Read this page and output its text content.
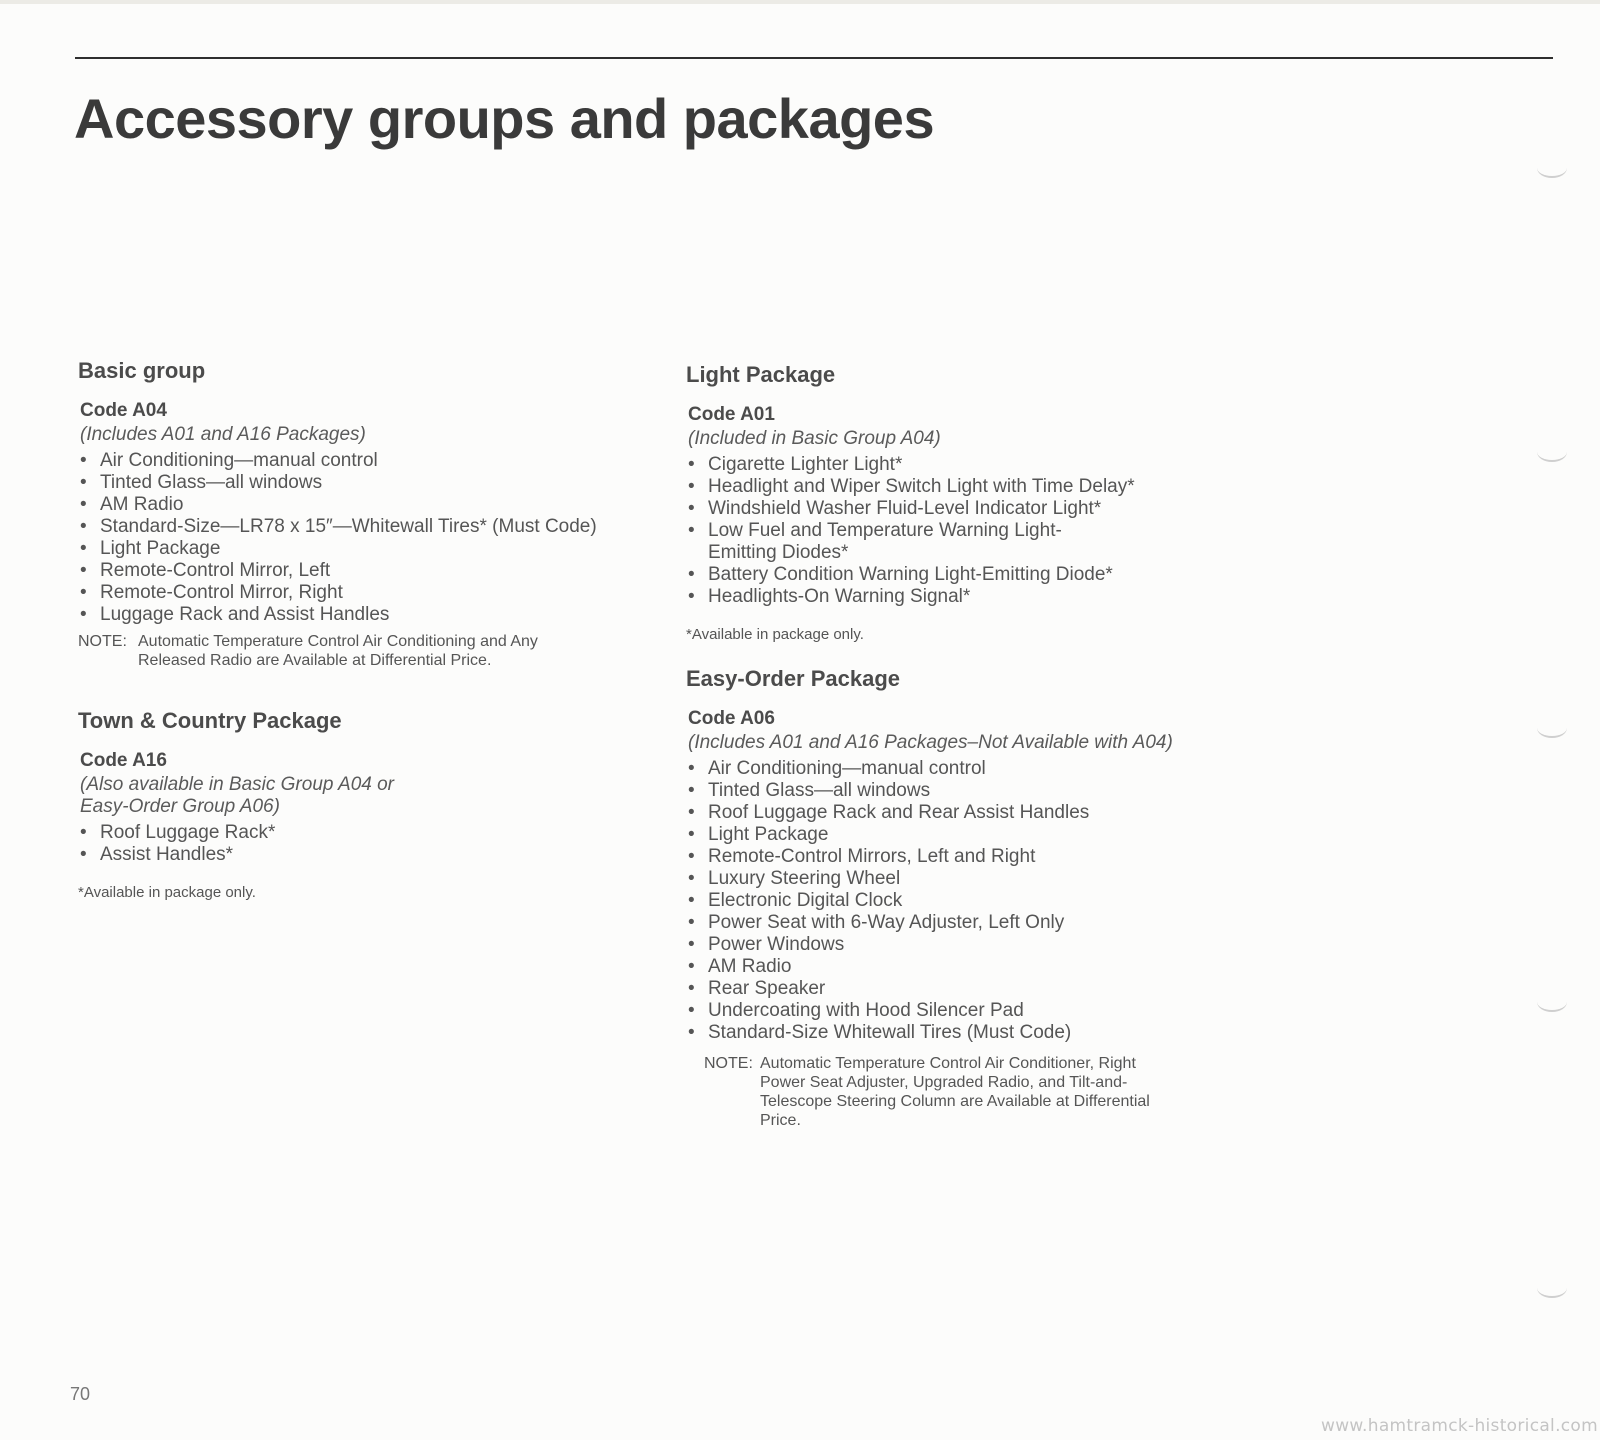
Accessory groups and packages
Basic group
Code A04
(Includes A01 and A16 Packages)
• Air Conditioning—manual control
• Tinted Glass—all windows
• AM Radio
• Standard-Size—LR78 x 15″—Whitewall Tires* (Must Code)
• Light Package
• Remote-Control Mirror, Left
• Remote-Control Mirror, Right
• Luggage Rack and Assist Handles
NOTE: Automatic Temperature Control Air Conditioning and Any Released Radio are Available at Differential Price.
Town & Country Package
Code A16
(Also available in Basic Group A04 or Easy-Order Group A06)
• Roof Luggage Rack*
• Assist Handles*

*Available in package only.

Light Package
Code A01
(Included in Basic Group A04)
• Cigarette Lighter Light*
• Headlight and Wiper Switch Light with Time Delay*
• Windshield Washer Fluid-Level Indicator Light*
• Low Fuel and Temperature Warning Light-Emitting Diodes*
• Battery Condition Warning Light-Emitting Diode*
• Headlights-On Warning Signal*

*Available in package only.

Easy-Order Package
Code A06
(Includes A01 and A16 Packages–Not Available with A04)
• Air Conditioning—manual control
• Tinted Glass—all windows
• Roof Luggage Rack and Rear Assist Handles
• Light Package
• Remote-Control Mirrors, Left and Right
• Luxury Steering Wheel
• Electronic Digital Clock
• Power Seat with 6-Way Adjuster, Left Only
• Power Windows
• AM Radio
• Rear Speaker
• Undercoating with Hood Silencer Pad
• Standard-Size Whitewall Tires (Must Code)
NOTE: Automatic Temperature Control Air Conditioner, Right Power Seat Adjuster, Upgraded Radio, and Tilt-and-Telescope Steering Column are Available at Differential Price.
70
www.hamtramck-historical.com
